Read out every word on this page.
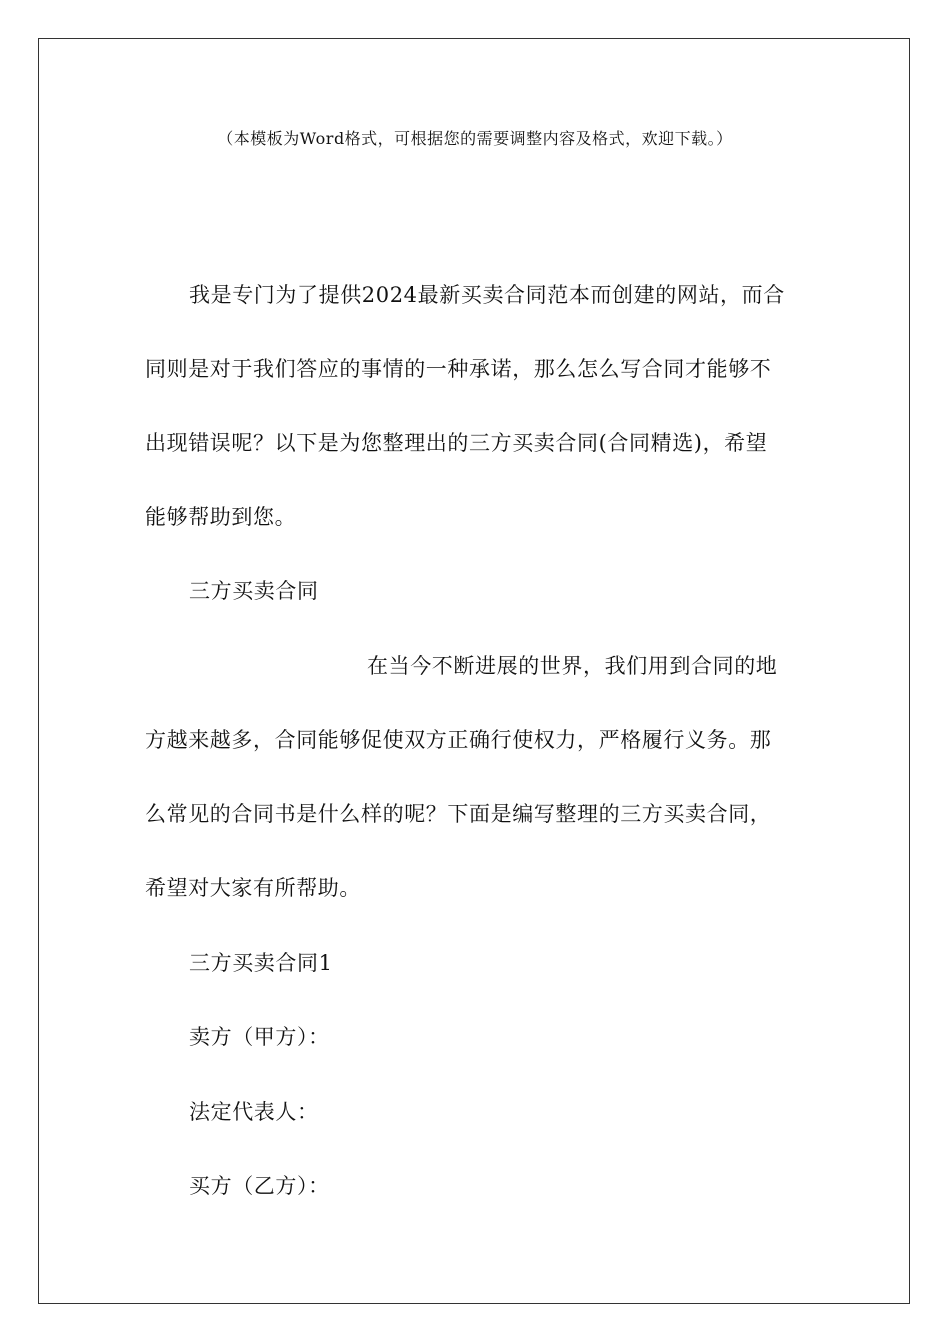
（本模板为Word格式，可根据您的需要调整内容及格式，欢迎下载。）
我是专门为了提供2024最新买卖合同范本而创建的网站，而合
同则是对于我们答应的事情的一种承诺，那么怎么写合同才能够不
出现错误呢？以下是为您整理出的三方买卖合同(合同精选)，希望
能够帮助到您。
三方买卖合同
在当今不断进展的世界，我们用到合同的地
方越来越多，合同能够促使双方正确行使权力，严格履行义务。那
么常见的合同书是什么样的呢？下面是编写整理的三方买卖合同，
希望对大家有所帮助。
三方买卖合同1
卖方（甲方）：
法定代表人：
买方（乙方）：
